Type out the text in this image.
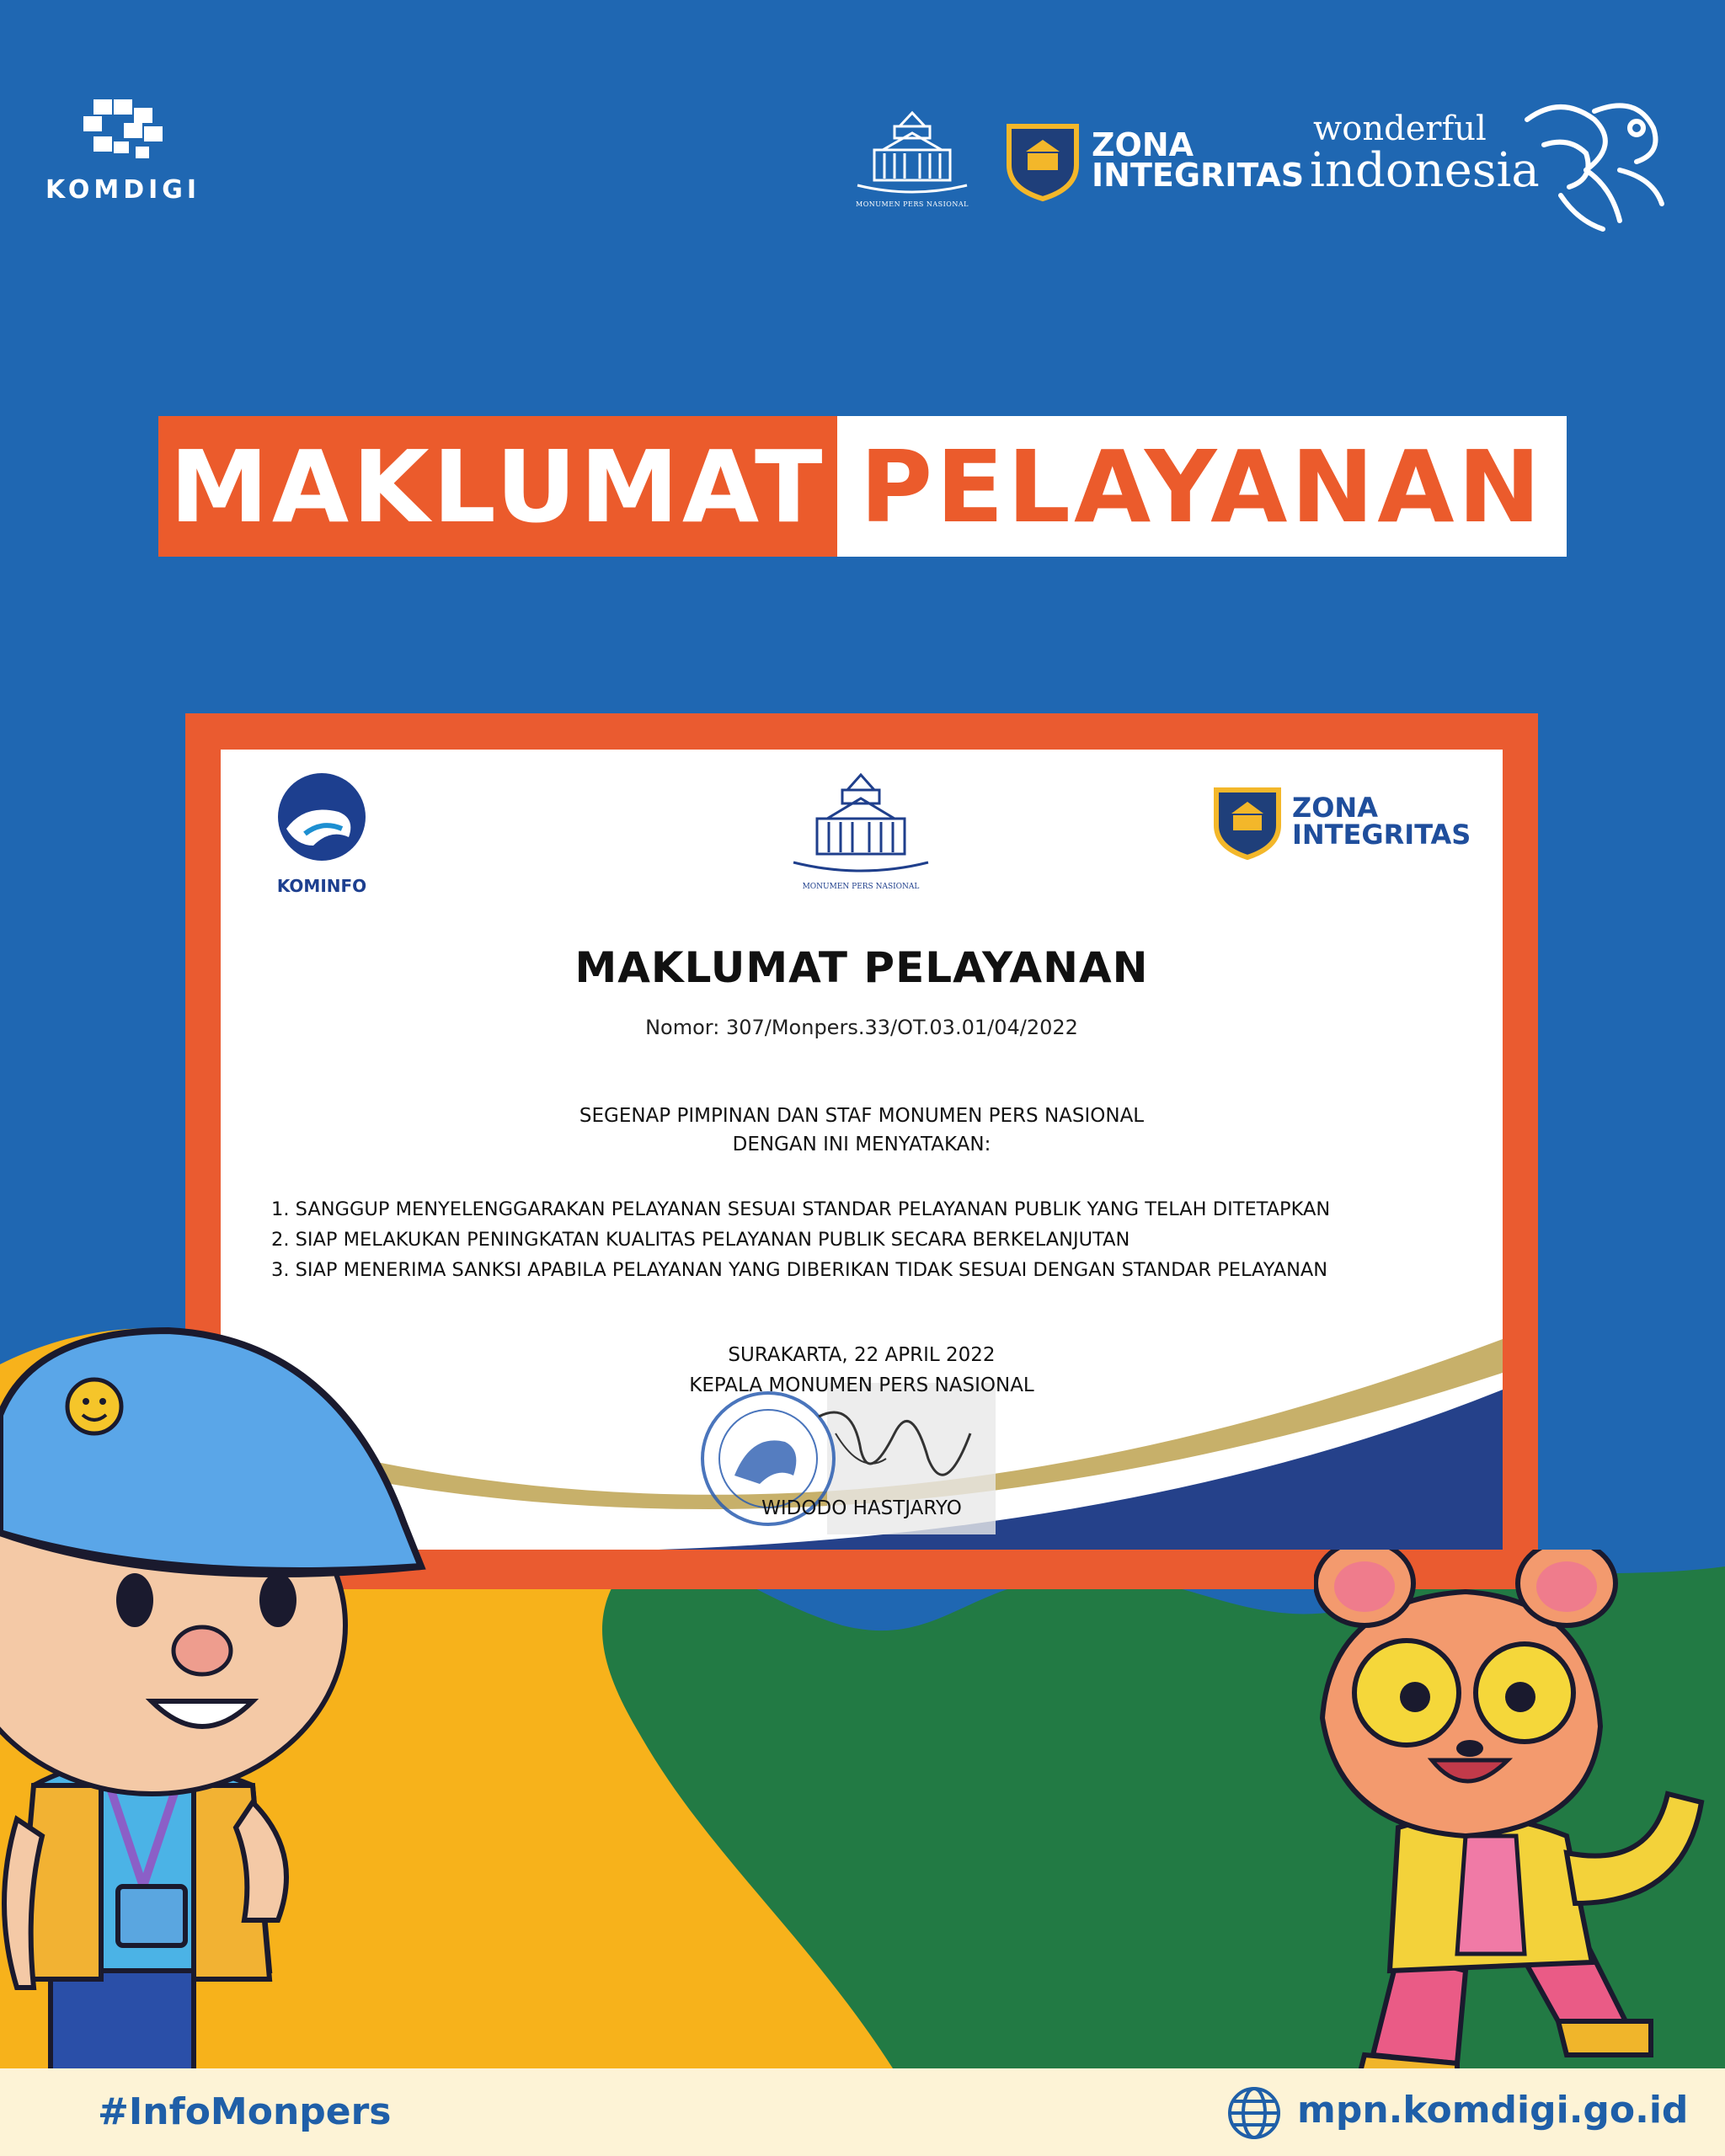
KOMDIGI	MONUMEN PERS NASIONAL
ZONA
INTEGRITAS
wonderful
indonesia
MAKLUMAT PELAYANAN
KOMINFO	MONUMEN PERS NASIONAL
ZONA
INTEGRITAS
MAKLUMAT PELAYANAN
Nomor: 307/Monpers.33/OT.03.01/04/2022
SEGENAP PIMPINAN DAN STAF MONUMEN PERS NASIONAL
DENGAN INI MENYATAKAN:
1. SANGGUP MENYELENGGARAKAN PELAYANAN SESUAI STANDAR PELAYANAN PUBLIK YANG TELAH DITETAPKAN
2. SIAP MELAKUKAN PENINGKATAN KUALITAS PELAYANAN PUBLIK SECARA BERKELANJUTAN
3. SIAP MENERIMA SANKSI APABILA PELAYANAN YANG DIBERIKAN TIDAK SESUAI DENGAN STANDAR PELAYANAN
SURAKARTA, 22 APRIL 2022
KEPALA MONUMEN PERS NASIONAL
WIDODO HASTJARYO
#InfoMonpers	mpn.komdigi.go.id
